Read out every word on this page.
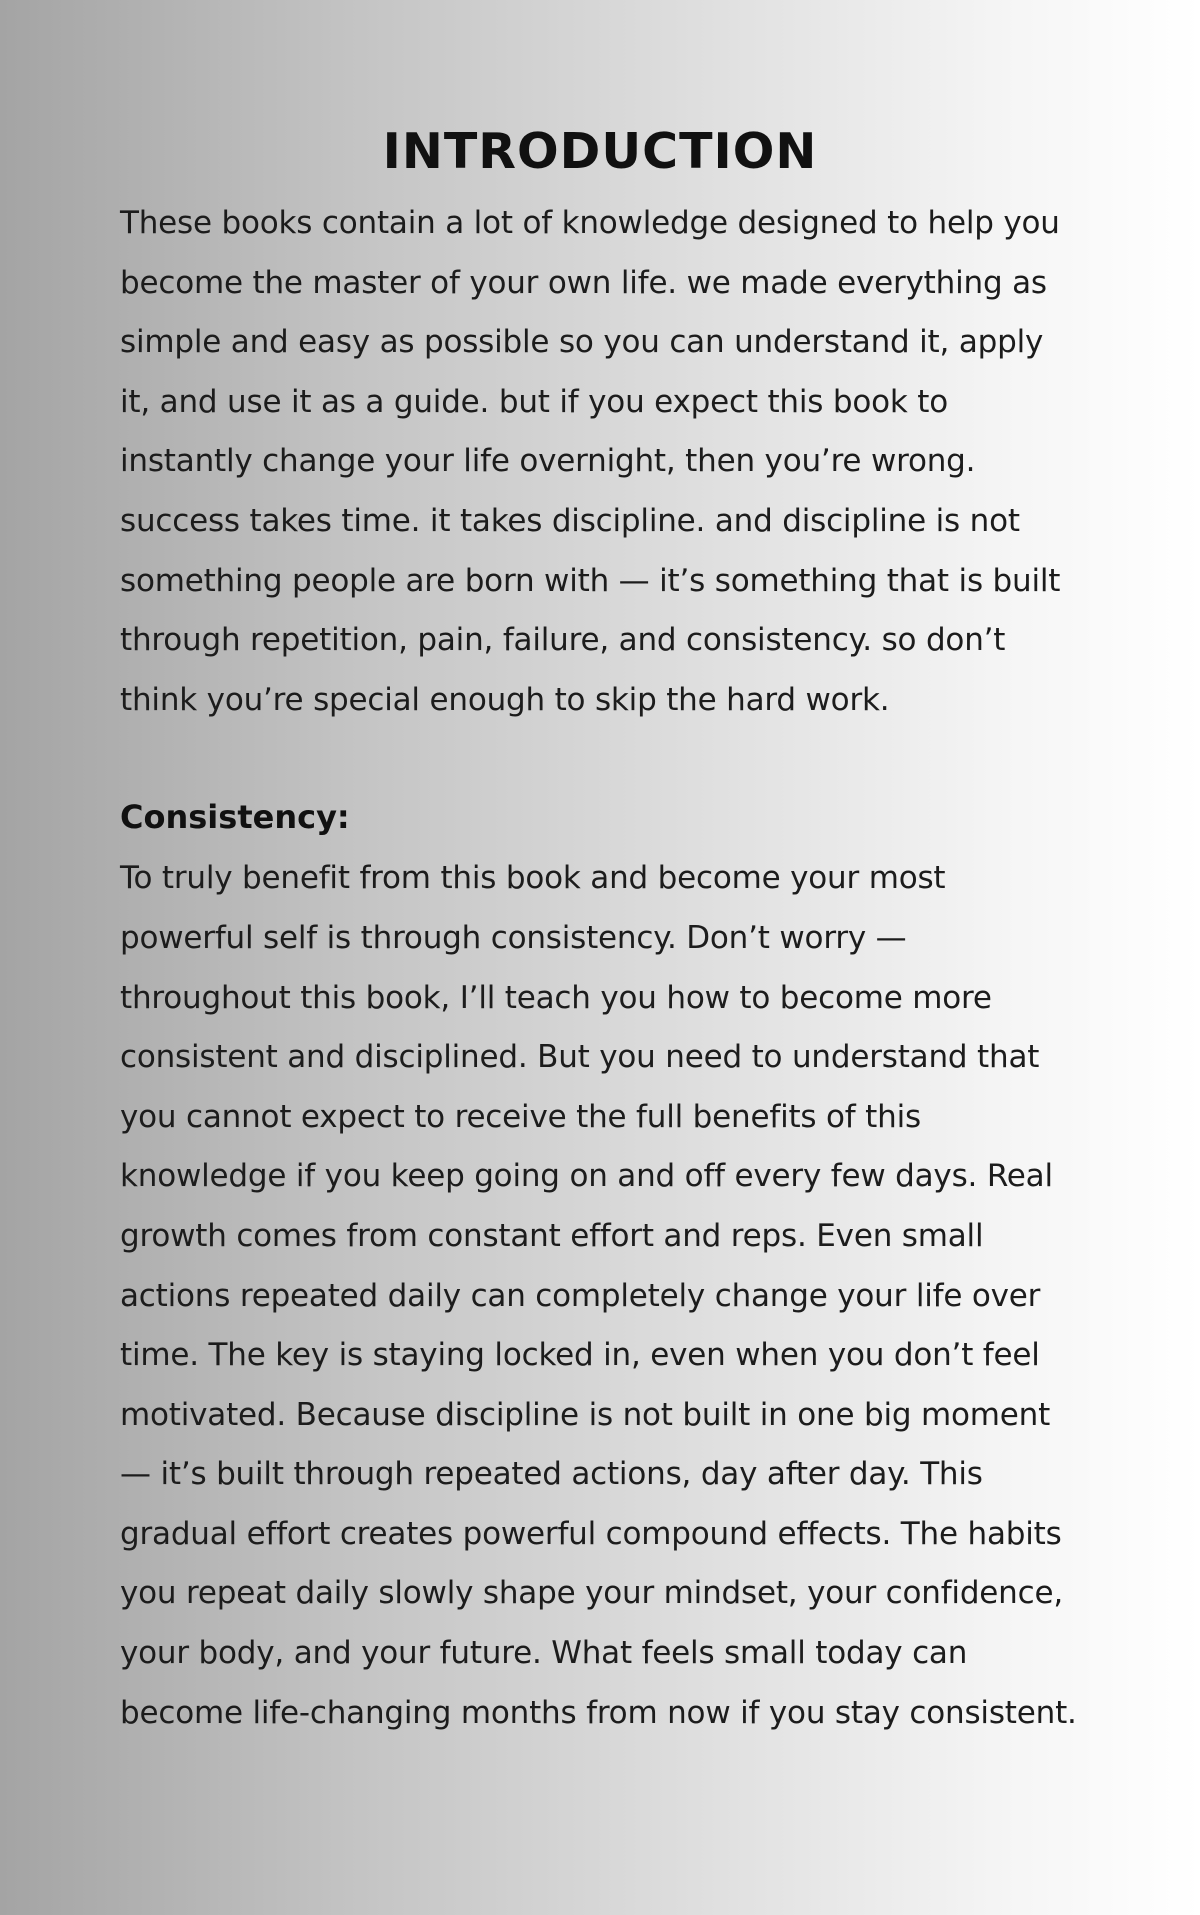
INTRODUCTION

These books contain a lot of knowledge designed to help you become the master of your own life. we made everything as simple and easy as possible so you can understand it, apply it, and use it as a guide. but if you expect this book to instantly change your life overnight, then you’re wrong. success takes time. it takes discipline. and discipline is not something people are born with — it’s something that is built through repetition, pain, failure, and consistency. so don’t think you’re special enough to skip the hard work.

Consistency:

To truly benefit from this book and become your most powerful self is through consistency. Don’t worry — throughout this book, I’ll teach you how to become more consistent and disciplined. But you need to understand that you cannot expect to receive the full benefits of this knowledge if you keep going on and off every few days. Real growth comes from constant effort and reps. Even small actions repeated daily can completely change your life over time. The key is staying locked in, even when you don’t feel motivated. Because discipline is not built in one big moment — it’s built through repeated actions, day after day. This gradual effort creates powerful compound effects. The habits you repeat daily slowly shape your mindset, your confidence, your body, and your future. What feels small today can become life-changing months from now if you stay consistent.
